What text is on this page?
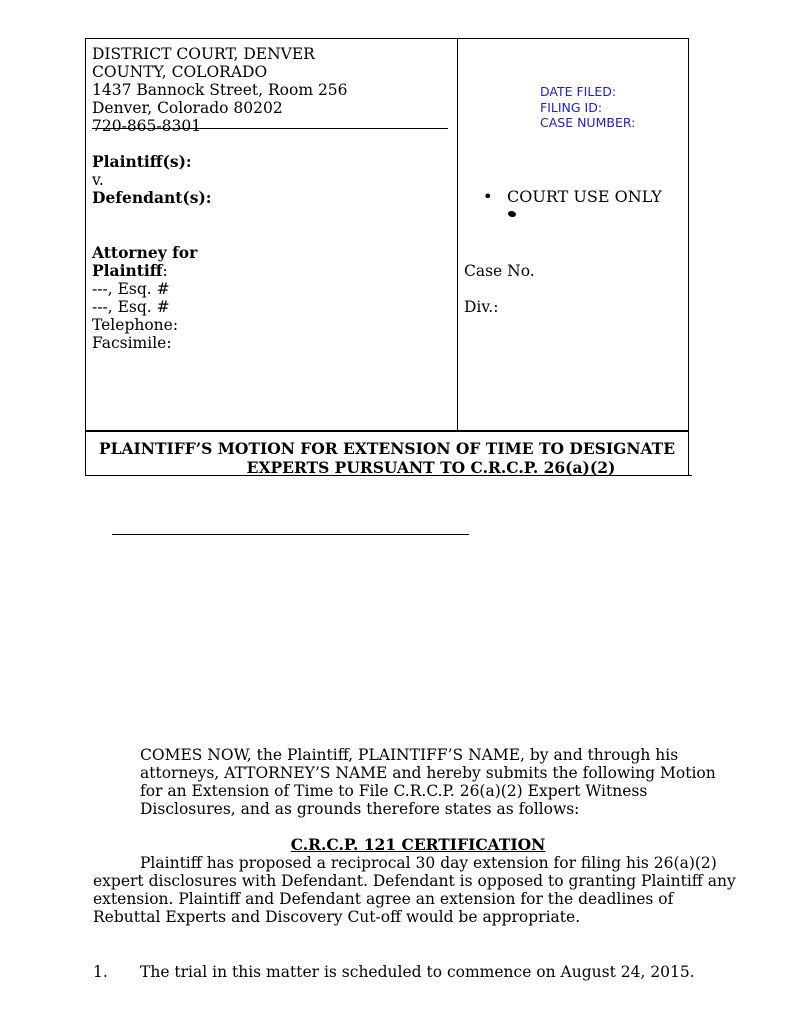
DISTRICT COURT, DENVER
COUNTY, COLORADO
1437 Bannock Street, Room 256
Denver, Colorado 80202
720-865-8301
Plaintiff(s):
v.
Defendant(s):
Attorney for
Plaintiff:
---, Esq. #
---, Esq. #
Telephone:
Facsimile:
DATE FILED:
FILING ID:
CASE NUMBER:
• COURT USE ONLY
Case No.
Div.:
PLAINTIFF’S MOTION FOR EXTENSION OF TIME TO DESIGNATE
EXPERTS PURSUANT TO C.R.C.P. 26(a)(2)
COMES NOW, the Plaintiff, PLAINTIFF’S NAME, by and through his attorneys, ATTORNEY’S NAME and hereby submits the following Motion for an Extension of Time to File C.R.C.P. 26(a)(2) Expert Witness Disclosures, and as grounds therefore states as follows:
C.R.C.P. 121 CERTIFICATION
Plaintiff has proposed a reciprocal 30 day extension for filing his 26(a)(2) expert disclosures with Defendant. Defendant is opposed to granting Plaintiff any extension. Plaintiff and Defendant agree an extension for the deadlines of Rebuttal Experts and Discovery Cut-off would be appropriate.
1. The trial in this matter is scheduled to commence on August 24, 2015.
